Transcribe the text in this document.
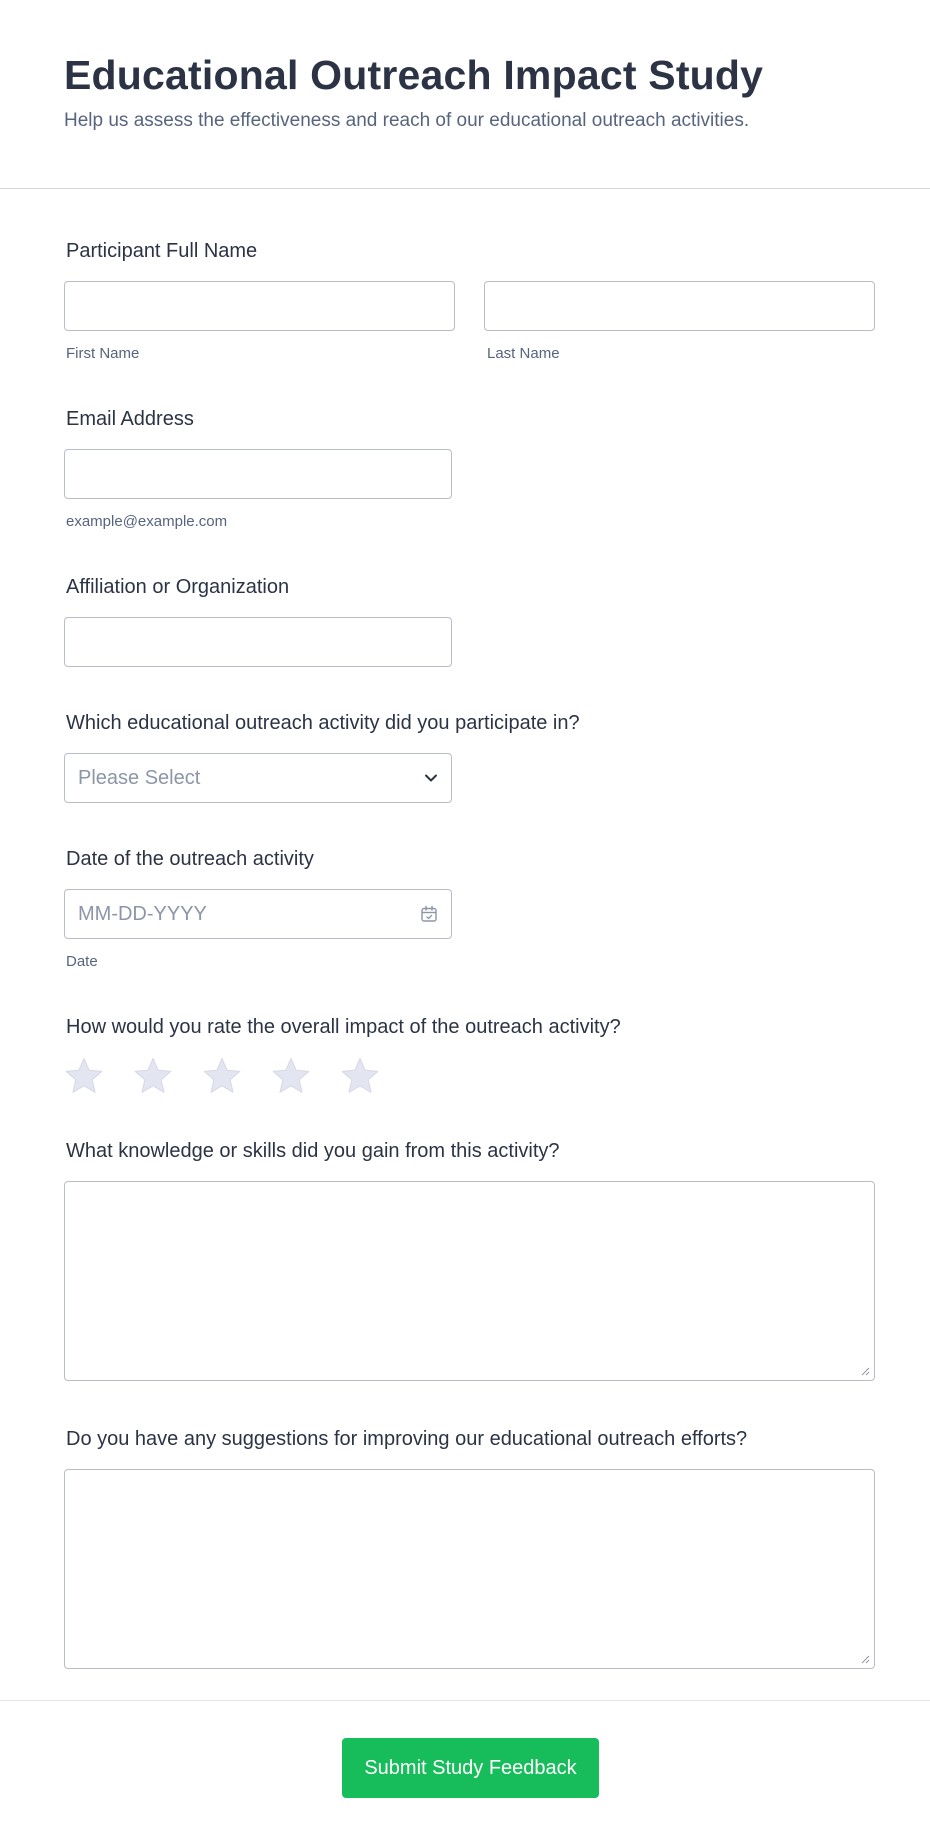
Educational Outreach Impact Study

Help us assess the effectiveness and reach of our educational outreach activities.

Participant Full Name
First Name	Last Name
Email Address
example@example.com
Affiliation or Organization
Which educational outreach activity did you participate in?
Please Select
Date of the outreach activity
MM-DD-YYYY
Date
How would you rate the overall impact of the outreach activity?
What knowledge or skills did you gain from this activity?
Do you have any suggestions for improving our educational outreach efforts?
Submit Study Feedback
